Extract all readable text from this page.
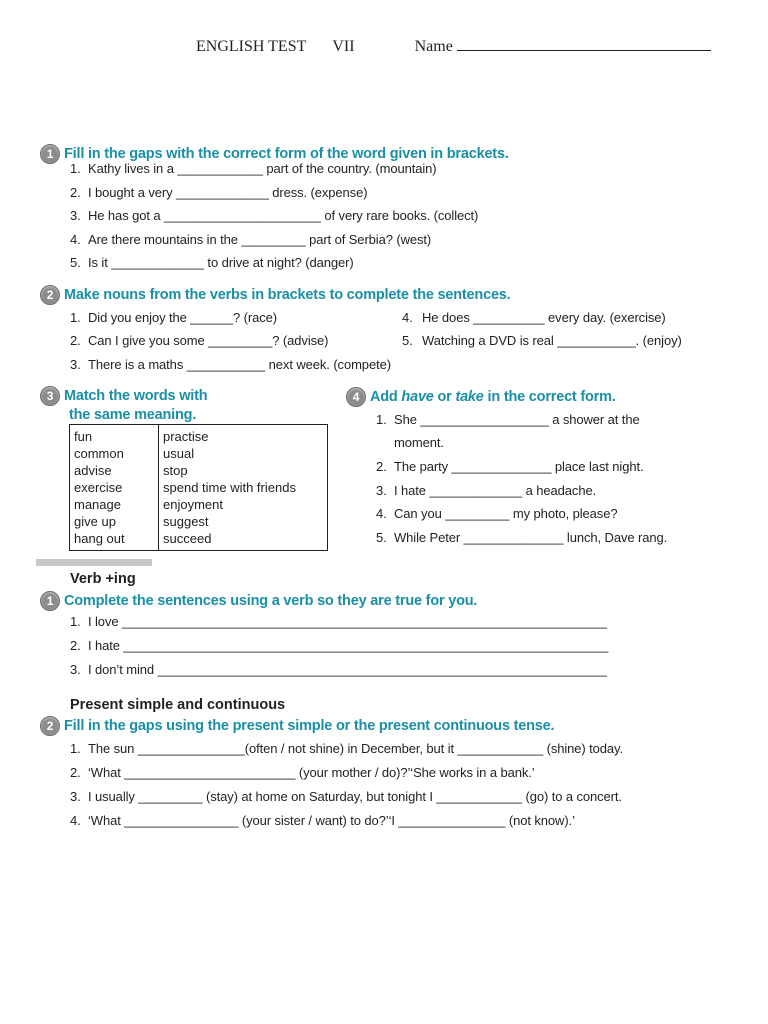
ENGLISH TEST VII	Name
1 Fill in the gaps with the correct form of the word given in brackets.
1. Kathy lives in a ____________ part of the country. (mountain)
2. I bought a very _____________ dress. (expense)
3. He has got a ______________________ of very rare books. (collect)
4. Are there mountains in the _________ part of Serbia? (west)
5. Is it _____________ to drive at night? (danger)
2 Make nouns from the verbs in brackets to complete the sentences.
1. Did you enjoy the ______? (race)
2. Can I give you some _________? (advise)
3. There is a maths ___________ next week. (compete)
4. He does __________ every day. (exercise)
5. Watching a DVD is real ___________. (enjoy)
3 Match the words with
the same meaning.
fun	practise
common	usual
advise	stop
exercise	spend time with friends
manage	enjoyment
give up	suggest
hang out	succeed
4 Add have or take in the correct form.
1. She __________________ a shower at the
moment.
2. The party ______________ place last night.
3. I hate _____________ a headache.
4. Can you _________ my photo, please?
5. While Peter ______________ lunch, Dave rang.
Verb +ing
1 Complete the sentences using a verb so they are true for you.
1. I love ____________________________________________________________________
2. I hate ____________________________________________________________________
3. I don’t mind _______________________________________________________________
Present simple and continuous
2 Fill in the gaps using the present simple or the present continuous tense.
1. The sun _______________(often / not shine) in December, but it ____________ (shine) today.
2. ‘What ________________________ (your mother / do)?’‘She works in a bank.’
3. I usually _________ (stay) at home on Saturday, but tonight I ____________ (go) to a concert.
4. ‘What ________________ (your sister / want) to do?’‘I _______________ (not know).’
